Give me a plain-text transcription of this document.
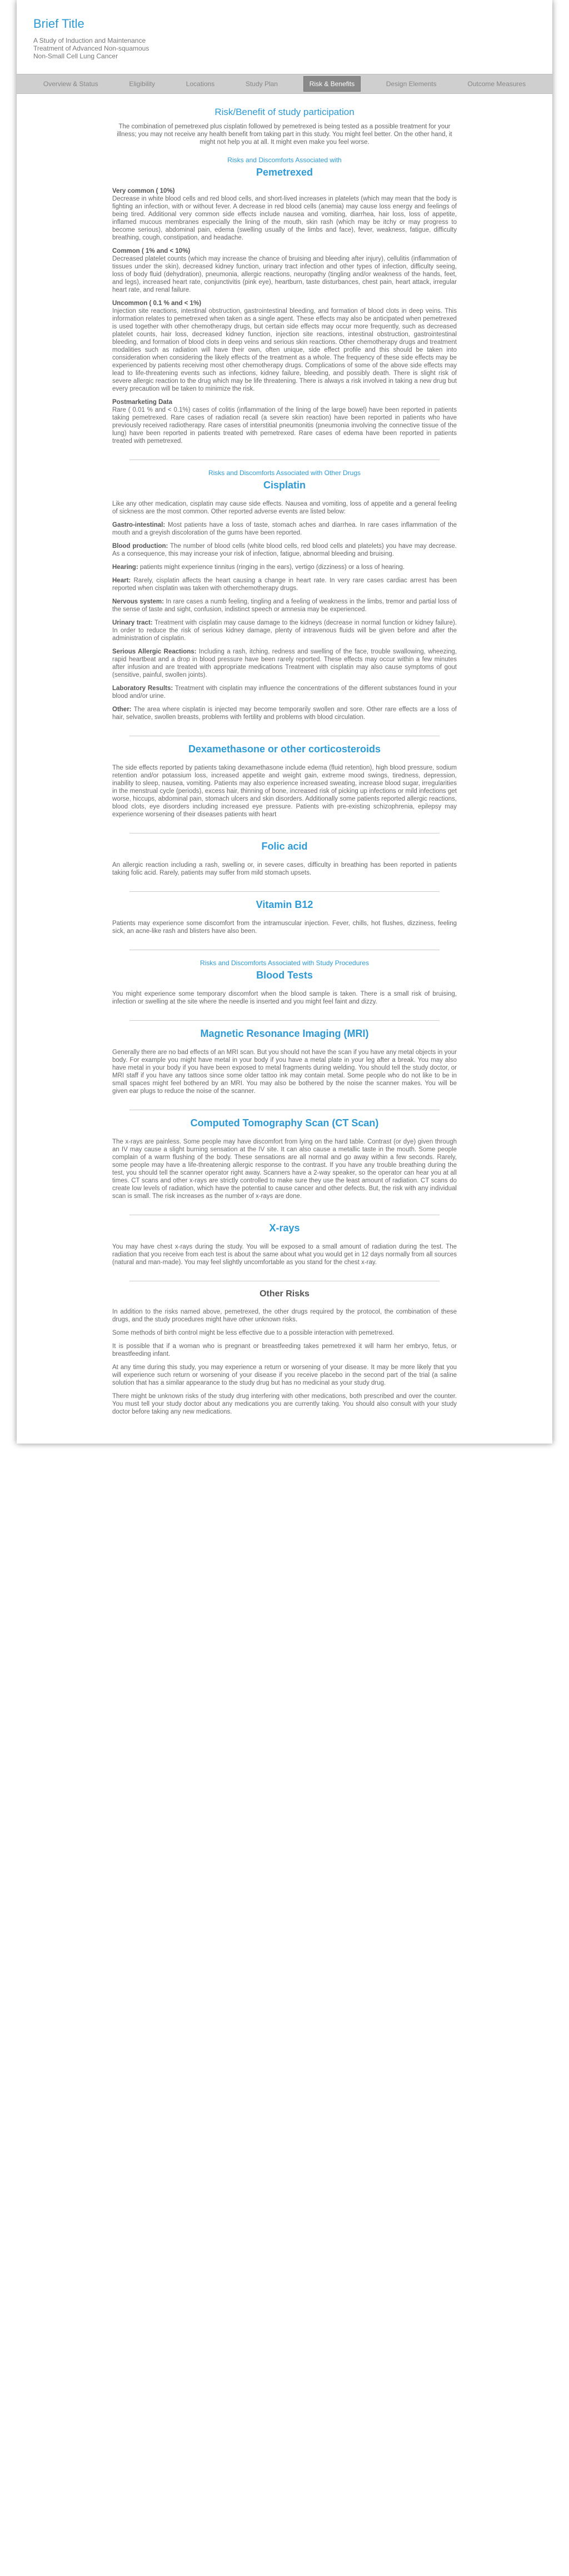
Brief Title
A Study of Induction and Maintenance
Treatment of Advanced Non-squamous
Non-Small Cell Lung Cancer
Overview & Status	Eligibility	Locations	Study Plan	Risk & Benefits	Design Elements	Outcome Measures
Risk/Benefit of study participation

The combination of pemetrexed plus cisplatin followed by pemetrexed is being tested as a possible treatment for your illness; you may not receive any health benefit from taking part in this study. You might feel better. On the other hand, it might not help you at all. It might even make you feel worse.

Risks and Discomforts Associated with
Pemetrexed
Very common ( 10%)

Decrease in white blood cells and red blood cells, and short-lived increases in platelets (which may mean that the body is fighting an infection, with or without fever. A decrease in red blood cells (anemia) may cause loss energy and feelings of being tired. Additional very common side effects include nausea and vomiting, diarrhea, hair loss, loss of appetite, inflamed mucous membranes especially the lining of the mouth, skin rash (which may be itchy or may progress to become serious), abdominal pain, edema (swelling usually of the limbs and face), fever, weakness, fatigue, difficulty breathing, cough, constipation, and headache.

Common ( 1% and < 10%)

Decreased platelet counts (which may increase the chance of bruising and bleeding after injury), cellulitis (inflammation of tissues under the skin), decreased kidney function, urinary tract infection and other types of infection, difficulty seeing, loss of body fluid (dehydration), pneumonia, allergic reactions, neuropathy (tingling and/or weakness of the hands, feet, and legs), increased heart rate, conjunctivitis (pink eye), heartburn, taste disturbances, chest pain, heart attack, irregular heart rate, and renal failure.

Uncommon ( 0.1 % and < 1%)

Injection site reactions, intestinal obstruction, gastrointestinal bleeding, and formation of blood clots in deep veins. This information relates to pemetrexed when taken as a single agent. These effects may also be anticipated when pemetrexed is used together with other chemotherapy drugs, but certain side effects may occur more frequently, such as decreased platelet counts, hair loss, decreased kidney function, injection site reactions, intestinal obstruction, gastrointestinal bleeding, and formation of blood clots in deep veins and serious skin reactions. Other chemotherapy drugs and treatment modalities such as radiation will have their own, often unique, side effect profile and this should be taken into consideration when considering the likely effects of the treatment as a whole. The frequency of these side effects may be experienced by patients receiving most other chemotherapy drugs. Complications of some of the above side effects may lead to life-threatening events such as infections, kidney failure, bleeding, and possibly death. There is slight risk of severe allergic reaction to the drug which may be life threatening. There is always a risk involved in taking a new drug but every precaution will be taken to minimize the risk.

Postmarketing Data

Rare ( 0.01 % and < 0.1%) cases of colitis (inflammation of the lining of the large bowel) have been reported in patients taking pemetrexed. Rare cases of radiation recall (a severe skin reaction) have been reported in patients who have previously received radiotherapy. Rare cases of interstitial pneumonitis (pneumonia involving the connective tissue of the lung) have been reported in patients treated with pemetrexed. Rare cases of edema have been reported in patients treated with pemetrexed.

Risks and Discomforts Associated with Other Drugs
Cisplatin

Like any other medication, cisplatin may cause side effects. Nausea and vomiting, loss of appetite and a general feeling of sickness are the most common. Other reported adverse events are listed below:

Gastro-intestinal: Most patients have a loss of taste, stomach aches and diarrhea. In rare cases inflammation of the mouth and a greyish discoloration of the gums have been reported.

Blood production: The number of blood cells (white blood cells, red blood cells and platelets) you have may decrease. As a consequence, this may increase your risk of infection, fatigue, abnormal bleeding and bruising.

Hearing: patients might experience tinnitus (ringing in the ears), vertigo (dizziness) or a loss of hearing.

Heart: Rarely, cisplatin affects the heart causing a change in heart rate. In very rare cases cardiac arrest has been reported when cisplatin was taken with otherchemotherapy drugs.

Nervous system: In rare cases a numb feeling, tingling and a feeling of weakness in the limbs, tremor and partial loss of the sense of taste and sight, confusion, indistinct speech or amnesia may be experienced.

Urinary tract: Treatment with cisplatin may cause damage to the kidneys (decrease in normal function or kidney failure). In order to reduce the risk of serious kidney damage, plenty of intravenous fluids will be given before and after the administration of cisplatin.

Serious Allergic Reactions: Including a rash, itching, redness and swelling of the face, trouble swallowing, wheezing, rapid heartbeat and a drop in blood pressure have been rarely reported. These effects may occur within a few minutes after infusion and are treated with appropriate medications Treatment with cisplatin may also cause symptoms of gout (sensitive, painful, swollen joints).

Laboratory Results: Treatment with cisplatin may influence the concentrations of the different substances found in your blood and/or urine.

Other: The area where cisplatin is injected may become temporarily swollen and sore. Other rare effects are a loss of hair, selvatice, swollen breasts, problems with fertility and problems with blood circulation.

Dexamethasone or other corticosteroids

The side effects reported by patients taking dexamethasone include edema (fluid retention), high blood pressure, sodium retention and/or potassium loss, increased appetite and weight gain, extreme mood swings, tiredness, depression, inability to sleep, nausea, vomiting. Patients may also experience increased sweating, increase blood sugar, irregularities in the menstrual cycle (periods), excess hair, thinning of bone, increased risk of picking up infections or mild infections get worse, hiccups, abdominal pain, stomach ulcers and skin disorders. Additionally some patients reported allergic reactions, blood clots, eye disorders including increased eye pressure. Patients with pre-existing schizophrenia, epilepsy may experience worsening of their diseases patients with heart

Folic acid

An allergic reaction including a rash, swelling or, in severe cases, difficulty in breathing has been reported in patients taking folic acid. Rarely, patients may suffer from mild stomach upsets.

Vitamin B12

Patients may experience some discomfort from the intramuscular injection. Fever, chills, hot flushes, dizziness, feeling sick, an acne-like rash and blisters have also been.

Risks and Discomforts Associated with Study Procedures
Blood Tests

You might experience some temporary discomfort when the blood sample is taken. There is a small risk of bruising, infection or swelling at the site where the needle is inserted and you might feel faint and dizzy.

Magnetic Resonance Imaging (MRI)

Generally there are no bad effects of an MRI scan. But you should not have the scan if you have any metal objects in your body. For example you might have metal in your body if you have a metal plate in your leg after a break. You may also have metal in your body if you have been exposed to metal fragments during welding. You should tell the study doctor, or MRI staff if you have any tattoos since some older tattoo ink may contain metal. Some people who do not like to be in small spaces might feel bothered by an MRI. You may also be bothered by the noise the scanner makes. You will be given ear plugs to reduce the noise of the scanner.

Computed Tomography Scan (CT Scan)

The x-rays are painless. Some people may have discomfort from lying on the hard table. Contrast (or dye) given through an IV may cause a slight burning sensation at the IV site. It can also cause a metallic taste in the mouth. Some people complain of a warm flushing of the body. These sensations are all normal and go away within a few seconds. Rarely, some people may have a life-threatening allergic response to the contrast. If you have any trouble breathing during the test, you should tell the scanner operator right away. Scanners have a 2-way speaker, so the operator can hear you at all times. CT scans and other x-rays are strictly controlled to make sure they use the least amount of radiation. CT scans do create low levels of radiation, which have the potential to cause cancer and other defects. But, the risk with any individual scan is small. The risk increases as the number of x-rays are done.

X-rays

You may have chest x-rays during the study. You will be exposed to a small amount of radiation during the test. The radiation that you receive from each test is about the same about what you would get in 12 days normally from all sources (natural and man-made). You may feel slightly uncomfortable as you stand for the chest x-ray.

Other Risks

In addition to the risks named above, pemetrexed, the other drugs required by the protocol, the combination of these drugs, and the study procedures might have other unknown risks.

Some methods of birth control might be less effective due to a possible interaction with pemetrexed.

It is possible that if a woman who is pregnant or breastfeeding takes pemetrexed it will harm her embryo, fetus, or breastfeeding infant.

At any time during this study, you may experience a return or worsening of your disease. It may be more likely that you will experience such return or worsening of your disease if you receive placebo in the second part of the trial (a saline solution that has a similar appearance to the study drug but has no medicinal as your study drug.

There might be unknown risks of the study drug interfering with other medications, both prescribed and over the counter. You must tell your study doctor about any medications you are currently taking. You should also consult with your study doctor before taking any new medications.
